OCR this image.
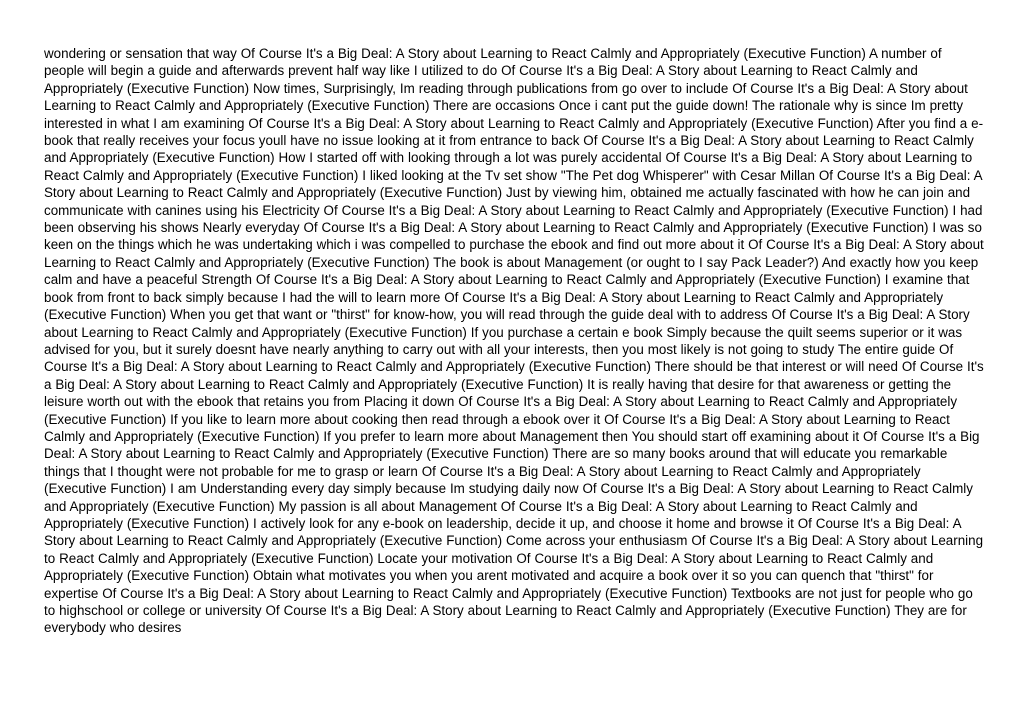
wondering or sensation that way Of Course It's a Big Deal: A Story about Learning to React Calmly and Appropriately (Executive Function) A number of people will begin a guide and afterwards prevent half way like I utilized to do Of Course It's a Big Deal: A Story about Learning to React Calmly and Appropriately (Executive Function) Now times, Surprisingly, Im reading through publications from go over to include Of Course It's a Big Deal: A Story about Learning to React Calmly and Appropriately (Executive Function) There are occasions Once i cant put the guide down! The rationale why is since Im pretty interested in what I am examining Of Course It's a Big Deal: A Story about Learning to React Calmly and Appropriately (Executive Function) After you find a e-book that really receives your focus youll have no issue looking at it from entrance to back Of Course It's a Big Deal: A Story about Learning to React Calmly and Appropriately (Executive Function) How I started off with looking through a lot was purely accidental Of Course It's a Big Deal: A Story about Learning to React Calmly and Appropriately (Executive Function) I liked looking at the Tv set show "The Pet dog Whisperer" with Cesar Millan Of Course It's a Big Deal: A Story about Learning to React Calmly and Appropriately (Executive Function) Just by viewing him, obtained me actually fascinated with how he can join and communicate with canines using his Electricity Of Course It's a Big Deal: A Story about Learning to React Calmly and Appropriately (Executive Function) I had been observing his shows Nearly everyday Of Course It's a Big Deal: A Story about Learning to React Calmly and Appropriately (Executive Function) I was so keen on the things which he was undertaking which i was compelled to purchase the ebook and find out more about it Of Course It's a Big Deal: A Story about Learning to React Calmly and Appropriately (Executive Function) The book is about Management (or ought to I say Pack Leader?) And exactly how you keep calm and have a peaceful Strength Of Course It's a Big Deal: A Story about Learning to React Calmly and Appropriately (Executive Function) I examine that book from front to back simply because I had the will to learn more Of Course It's a Big Deal: A Story about Learning to React Calmly and Appropriately (Executive Function) When you get that want or "thirst" for know-how, you will read through the guide deal with to address Of Course It's a Big Deal: A Story about Learning to React Calmly and Appropriately (Executive Function) If you purchase a certain e book Simply because the quilt seems superior or it was advised for you, but it surely doesnt have nearly anything to carry out with all your interests, then you most likely is not going to study The entire guide Of Course It's a Big Deal: A Story about Learning to React Calmly and Appropriately (Executive Function) There should be that interest or will need Of Course It's a Big Deal: A Story about Learning to React Calmly and Appropriately (Executive Function) It is really having that desire for that awareness or getting the leisure worth out with the ebook that retains you from Placing it down Of Course It's a Big Deal: A Story about Learning to React Calmly and Appropriately (Executive Function) If you like to learn more about cooking then read through a ebook over it Of Course It's a Big Deal: A Story about Learning to React Calmly and Appropriately (Executive Function) If you prefer to learn more about Management then You should start off examining about it Of Course It's a Big Deal: A Story about Learning to React Calmly and Appropriately (Executive Function) There are so many books around that will educate you remarkable things that I thought were not probable for me to grasp or learn Of Course It's a Big Deal: A Story about Learning to React Calmly and Appropriately (Executive Function) I am Understanding every day simply because Im studying daily now Of Course It's a Big Deal: A Story about Learning to React Calmly and Appropriately (Executive Function) My passion is all about Management Of Course It's a Big Deal: A Story about Learning to React Calmly and Appropriately (Executive Function) I actively look for any e-book on leadership, decide it up, and choose it home and browse it Of Course It's a Big Deal: A Story about Learning to React Calmly and Appropriately (Executive Function) Come across your enthusiasm Of Course It's a Big Deal: A Story about Learning to React Calmly and Appropriately (Executive Function) Locate your motivation Of Course It's a Big Deal: A Story about Learning to React Calmly and Appropriately (Executive Function) Obtain what motivates you when you arent motivated and acquire a book over it so you can quench that "thirst" for expertise Of Course It's a Big Deal: A Story about Learning to React Calmly and Appropriately (Executive Function) Textbooks are not just for people who go to highschool or college or university Of Course It's a Big Deal: A Story about Learning to React Calmly and Appropriately (Executive Function) They are for everybody who desires
